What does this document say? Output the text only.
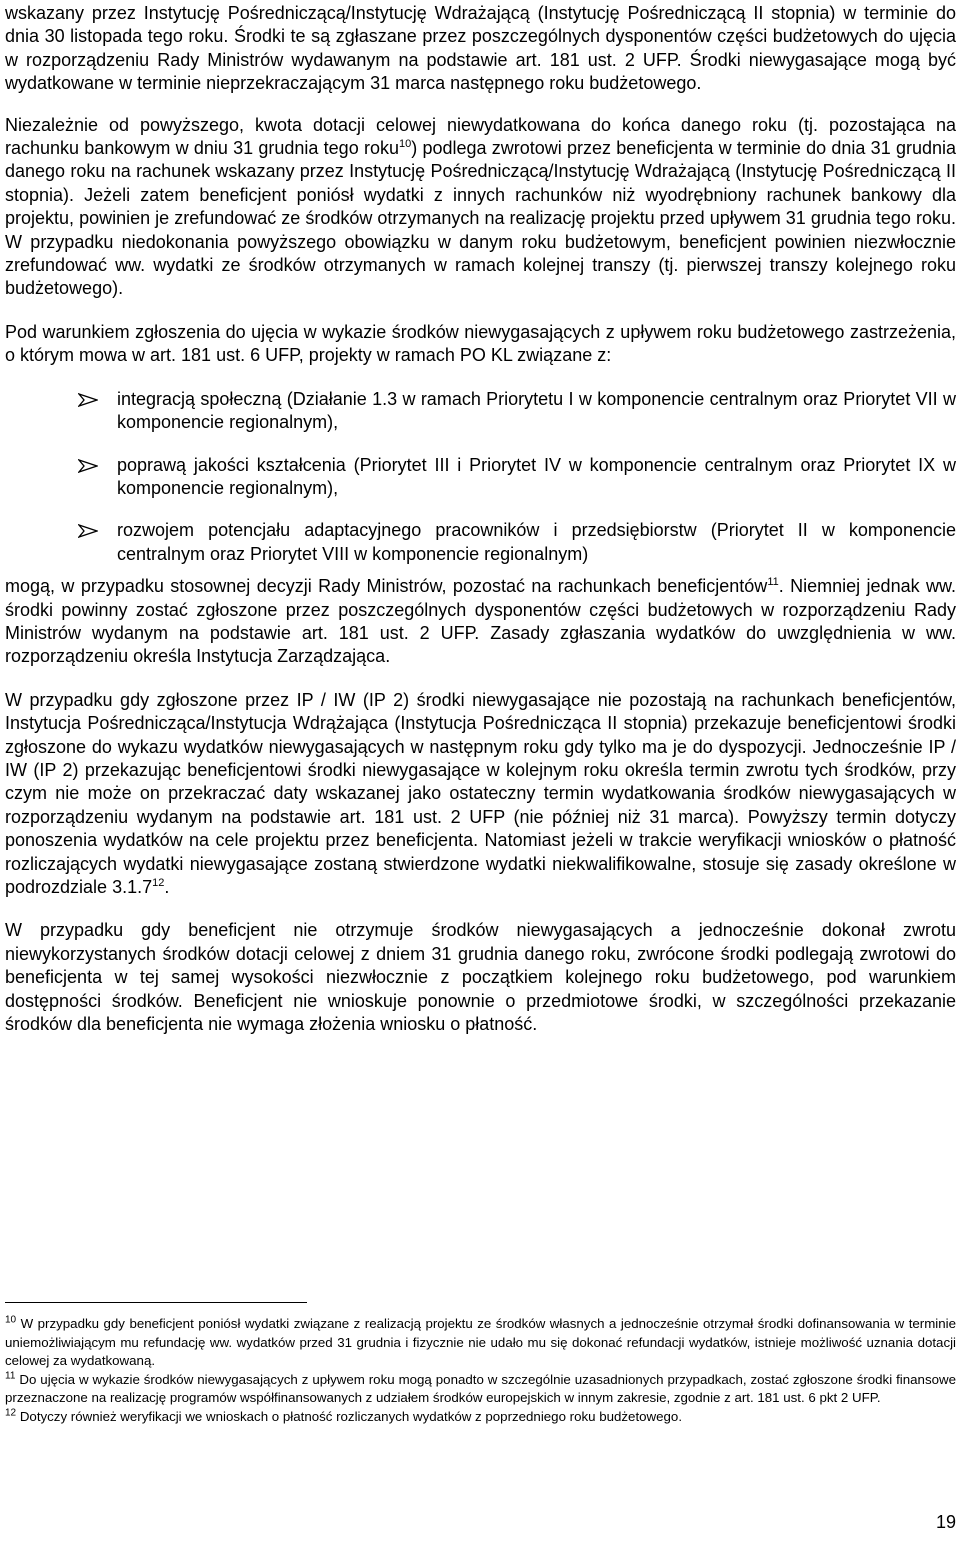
wskazany przez Instytucję Pośredniczącą/Instytucję Wdrażającą (Instytucję Pośredniczącą II stopnia) w terminie do dnia 30 listopada tego roku. Środki te są zgłaszane przez poszczególnych dysponentów części budżetowych do ujęcia w rozporządzeniu Rady Ministrów wydawanym na podstawie art. 181 ust. 2 UFP. Środki niewygasające mogą być wydatkowane w terminie nieprzekraczającym 31 marca następnego roku budżetowego.

Niezależnie od powyższego, kwota dotacji celowej niewydatkowana do końca danego roku (tj. pozostająca na rachunku bankowym w dniu 31 grudnia tego roku$^{10}$) podlega zwrotowi przez beneficjenta w terminie do dnia 31 grudnia danego roku na rachunek wskazany przez Instytucję Pośredniczącą/Instytucję Wdrażającą (Instytucję Pośredniczącą II stopnia). Jeżeli zatem beneficjent poniósł wydatki z innych rachunków niż wyodrębniony rachunek bankowy dla projektu, powinien je zrefundować ze środków otrzymanych na realizację projektu przed upływem 31 grudnia tego roku. W przypadku niedokonania powyższego obowiązku w danym roku budżetowym, beneficjent powinien niezwłocznie zrefundować ww. wydatki ze środków otrzymanych w ramach kolejnej transzy (tj. pierwszej transzy kolejnego roku budżetowego).

Pod warunkiem zgłoszenia do ujęcia w wykazie środków niewygasających z upływem roku budżetowego zastrzeżenia, o którym mowa w art. 181 ust. 6 UFP, projekty w ramach PO KL związane z:

integracją społeczną (Działanie 1.3 w ramach Priorytetu I w komponencie centralnym oraz Priorytet VII w komponencie regionalnym),
poprawą jakości kształcenia (Priorytet III i Priorytet IV w komponencie centralnym oraz Priorytet IX w komponencie regionalnym),
rozwojem potencjału adaptacyjnego pracowników i przedsiębiorstw (Priorytet II w komponencie centralnym oraz Priorytet VIII w komponencie regionalnym)

mogą, w przypadku stosownej decyzji Rady Ministrów, pozostać na rachunkach beneficjentów$^{11}$. Niemniej jednak ww. środki powinny zostać zgłoszone przez poszczególnych dysponentów części budżetowych w rozporządzeniu Rady Ministrów wydanym na podstawie art. 181 ust. 2 UFP. Zasady zgłaszania wydatków do uwzględnienia w ww. rozporządzeniu określa Instytucja Zarządzająca.

W przypadku gdy zgłoszone przez IP / IW (IP 2) środki niewygasające nie pozostają na rachunkach beneficjentów, Instytucja Pośrednicząca/Instytucja Wdrążająca (Instytucja Pośrednicząca II stopnia) przekazuje beneficjentowi środki zgłoszone do wykazu wydatków niewygasających w następnym roku gdy tylko ma je do dyspozycji. Jednocześnie IP / IW (IP 2) przekazując beneficjentowi środki niewygasające w kolejnym roku określa termin zwrotu tych środków, przy czym nie może on przekraczać daty wskazanej jako ostateczny termin wydatkowania środków niewygasających w rozporządzeniu wydanym na podstawie art. 181 ust. 2 UFP (nie później niż 31 marca). Powyższy termin dotyczy ponoszenia wydatków na cele projektu przez beneficjenta. Natomiast jeżeli w trakcie weryfikacji wniosków o płatność rozliczających wydatki niewygasające zostaną stwierdzone wydatki niekwalifikowalne, stosuje się zasady określone w podrozdziale 3.1.7$^{12}$.

W przypadku gdy beneficjent nie otrzymuje środków niewygasających a jednocześnie dokonał zwrotu niewykorzystanych środków dotacji celowej z dniem 31 grudnia danego roku, zwrócone środki podlegają zwrotowi do beneficjenta w tej samej wysokości niezwłocznie z początkiem kolejnego roku budżetowego, pod warunkiem dostępności środków. Beneficjent nie wnioskuje ponownie o przedmiotowe środki, w szczególności przekazanie środków dla beneficjenta nie wymaga złożenia wniosku o płatność.

$^{10}$ W przypadku gdy beneficjent poniósł wydatki związane z realizacją projektu ze środków własnych a jednocześnie otrzymał środki dofinansowania w terminie uniemożliwiającym mu refundację ww. wydatków przed 31 grudnia i fizycznie nie udało mu się dokonać refundacji wydatków, istnieje możliwość uznania dotacji celowej za wydatkowaną.

$^{11}$ Do ujęcia w wykazie środków niewygasających z upływem roku mogą ponadto w szczególnie uzasadnionych przypadkach, zostać zgłoszone środki finansowe przeznaczone na realizację programów współfinansowanych z udziałem środków europejskich w innym zakresie, zgodnie z art. 181 ust. 6 pkt 2 UFP.

$^{12}$ Dotyczy również weryfikacji we wnioskach o płatność rozliczanych wydatków z poprzedniego roku budżetowego.

19
